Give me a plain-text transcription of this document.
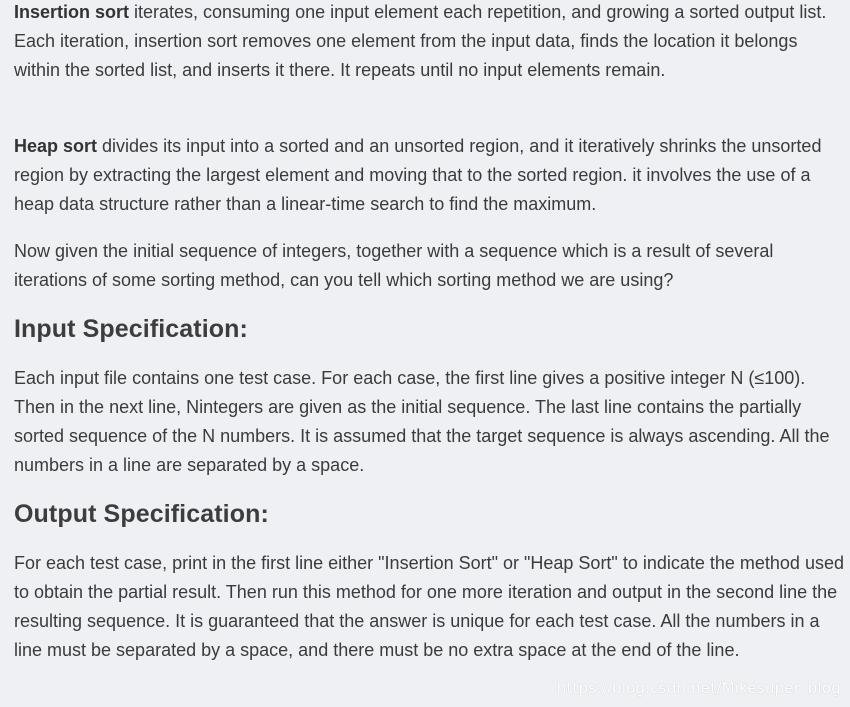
Insertion sort iterates, consuming one input element each repetition, and growing a sorted output list. Each iteration, insertion sort removes one element from the input data, finds the location it belongs within the sorted list, and inserts it there. It repeats until no input elements remain.

Heap sort divides its input into a sorted and an unsorted region, and it iteratively shrinks the unsorted region by extracting the largest element and moving that to the sorted region. it involves the use of a heap data structure rather than a linear-time search to find the maximum.

Now given the initial sequence of integers, together with a sequence which is a result of several iterations of some sorting method, can you tell which sorting method we are using?

Input Specification:

Each input file contains one test case. For each case, the first line gives a positive integer N (≤100). Then in the next line, Nintegers are given as the initial sequence. The last line contains the partially sorted sequence of the N numbers. It is assumed that the target sequence is always ascending. All the numbers in a line are separated by a space.

Output Specification:

For each test case, print in the first line either "Insertion Sort" or "Heap Sort" to indicate the method used to obtain the partial result. Then run this method for one more iteration and output in the second line the resulting sequence. It is guaranteed that the answer is unique for each test case. All the numbers in a line must be separated by a space, and there must be no extra space at the end of the line.

https://blog.csdn.net/Mikesuper_blog
